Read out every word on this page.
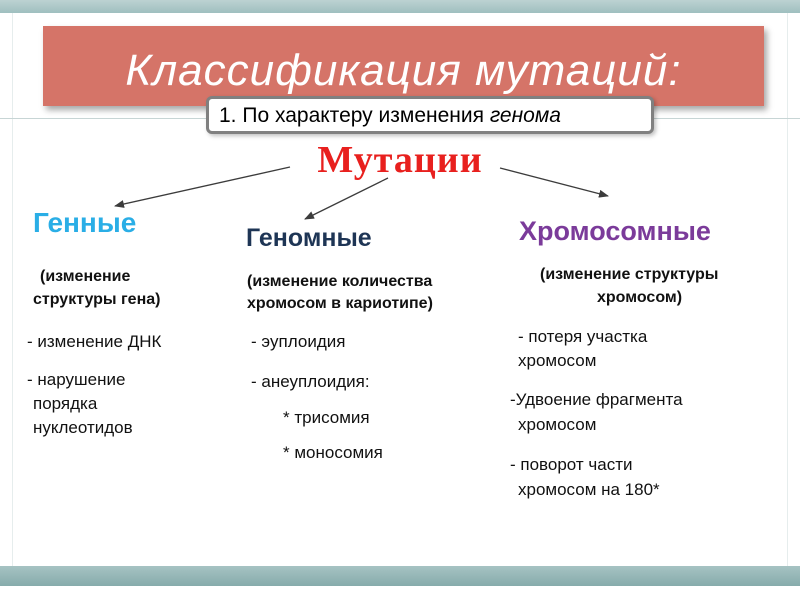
Классификация мутаций:
1. По характеру изменения генома
Мутации
Генные
(изменение
структуры гена)
- изменение ДНК
- нарушение
порядка
нуклеотидов
Геномные
(изменение количества
хромосом в кариотипе)
- эуплоидия
- анеуплоидия:
* трисомия
* моносомия
Хромосомные
(изменение структуры
хромосом)
- потеря участка
хромосом
-Удвоение фрагмента
хромосом
- поворот части
хромосом на 180*
